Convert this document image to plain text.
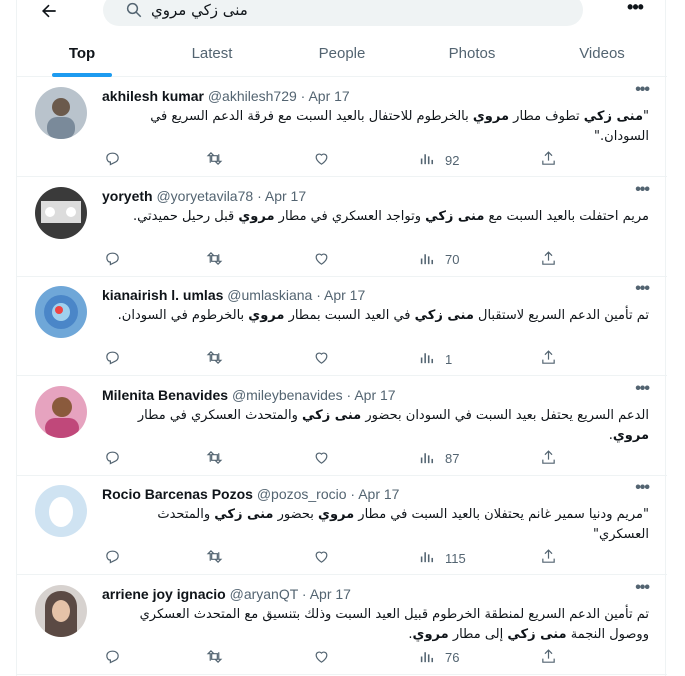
منى زكي مروي
•••
Top	Latest	People	Photos	Videos
akhilesh kumar @akhilesh729 · Apr 17	•••
"منى زكي تطوف مطار مروي بالخرطوم للاحتفال بالعيد السبت مع فرقة الدعم السريع في السودان."
92
yoryeth @yoryetavila78 · Apr 17	•••
مريم احتفلت بالعيد السبت مع منى زكي وتواجد العسكري في مطار مروي قبل رحيل حميدتي.
70
kianairish l. umlas @umlaskiana · Apr 17	•••
تم تأمين الدعم السريع لاستقبال منى زكي في العيد السبت بمطار مروي بالخرطوم في السودان.
1
Milenita Benavides @mileybenavides · Apr 17	•••
الدعم السريع يحتفل بعيد السبت في السودان بحضور منى زكي والمتحدث العسكري في مطار مروي.
87
Rocio Barcenas Pozos @pozos_rocio · Apr 17	•••
"مريم ودنيا سمير غانم يحتفلان بالعيد السبت في مطار مروي بحضور منى زكي والمتحدث العسكري"
115
arriene joy ignacio @aryanQT · Apr 17	•••
تم تأمين الدعم السريع لمنطقة الخرطوم قبيل العيد السبت وذلك بتنسيق مع المتحدث العسكري ووصول النجمة منى زكي إلى مطار مروي.
76
